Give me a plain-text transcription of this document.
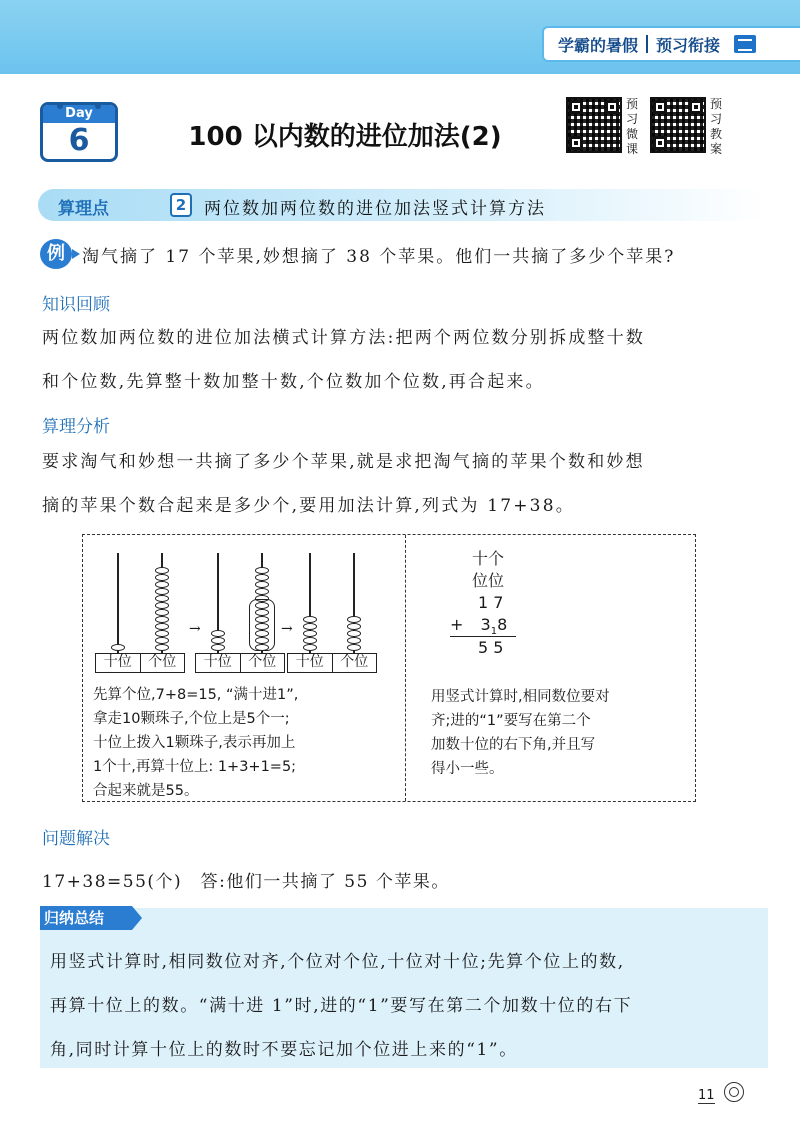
学霸的暑假 预习衔接
Day
6	100 以内数的进位加法(2)
预习微课
预习教案
算理点	2	两位数加两位数的进位加法竖式计算方法
例	淘气摘了 17 个苹果,妙想摘了 38 个苹果。他们一共摘了多少个苹果?
知识回顾
两位数加两位数的进位加法横式计算方法:把两个两位数分别拆成整十数
和个位数,先算整十数加整十数,个位数加个位数,再合起来。
算理分析
要求淘气和妙想一共摘了多少个苹果,就是求把淘气摘的苹果个数和妙想
摘的苹果个数合起来是多少个,要用加法计算,列式为 17+38。
十位	个位
→
十位	个位
→
十位	个位
先算个位,7+8=15, “满十进1”,
拿走10颗珠子,个位上是5个一;
十位上拨入1颗珠子,表示再加上
1个十,再算十位上: 1+3+1=5;
合起来就是55。
用竖式计算时,相同数位要对
齐;进的“1”要写在第二个
加数十位的右下角,并且写
得小一些。
十个
位位
1 7
+ $3_18$
5 5
问题解决
17+38=55(个)　答:他们一共摘了 55 个苹果。
归纳总结
用竖式计算时,相同数位对齐,个位对个位,十位对十位;先算个位上的数,
再算十位上的数。“满十进 1”时,进的“1”要写在第二个加数十位的右下
角,同时计算十位上的数时不要忘记加个位进上来的“1”。
11
